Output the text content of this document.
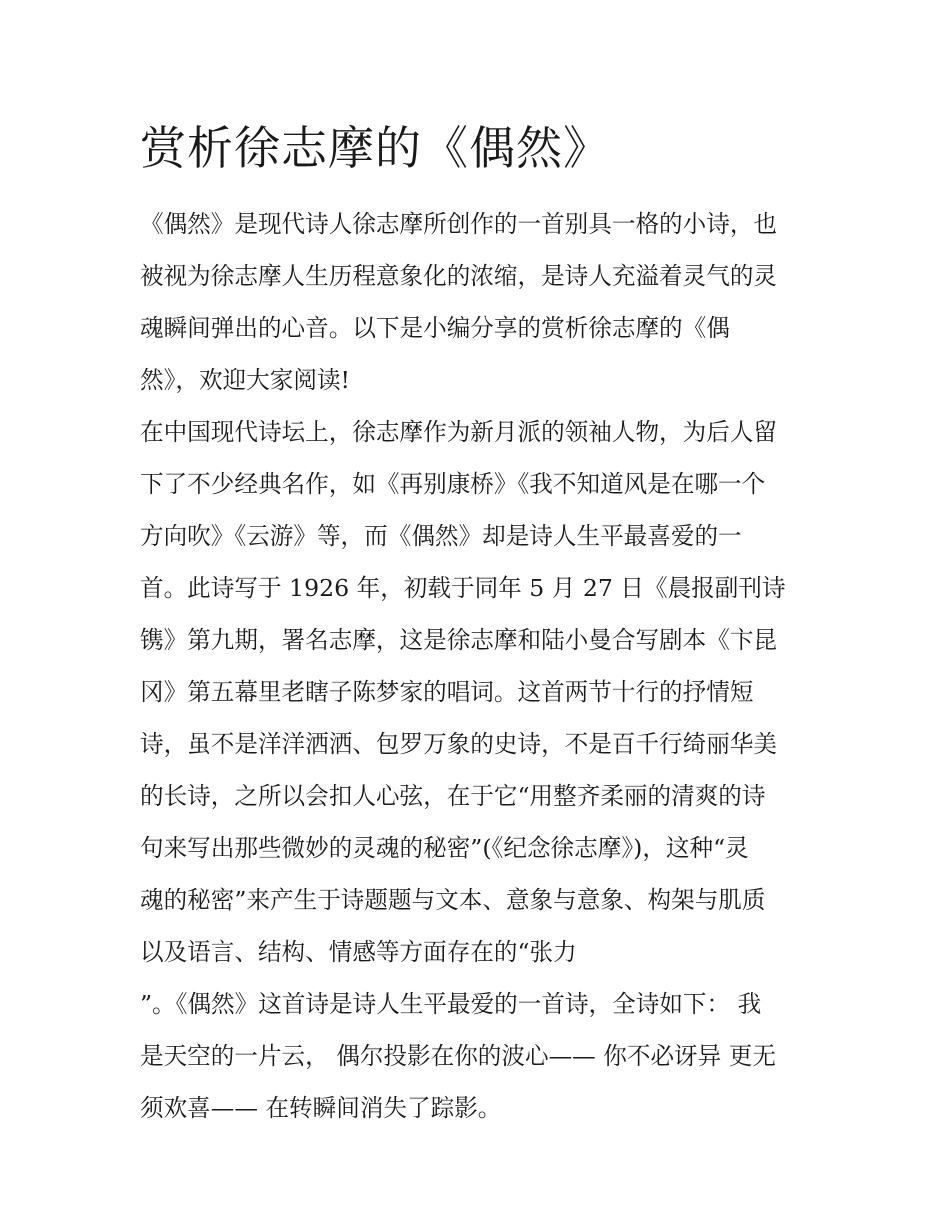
赏析徐志摩的《偶然》
《偶然》是现代诗人徐志摩所创作的一首别具一格的小诗，也
被视为徐志摩人生历程意象化的浓缩，是诗人充溢着灵气的灵
魂瞬间弹出的心音。以下是小编分享的赏析徐志摩的《偶
然》，欢迎大家阅读!
在中国现代诗坛上，徐志摩作为新月派的领袖人物，为后人留
下了不少经典名作，如《再别康桥》《我不知道风是在哪一个
方向吹》《云游》等，而《偶然》却是诗人生平最喜爱的一
首。此诗写于 1926 年，初载于同年 5 月 27 日《晨报副刊诗
镌》第九期，署名志摩，这是徐志摩和陆小曼合写剧本《卞昆
冈》第五幕里老瞎子陈梦家的唱词。这首两节十行的抒情短
诗，虽不是洋洋洒洒、包罗万象的史诗，不是百千行绮丽华美
的长诗，之所以会扣人心弦，在于它“用整齐柔丽的清爽的诗
句来写出那些微妙的灵魂的秘密”(《纪念徐志摩》)，这种“灵
魂的秘密”来产生于诗题题与文本、意象与意象、构架与肌质
以及语言、结构、情感等方面存在的“张力
”。《偶然》这首诗是诗人生平最爱的一首诗，全诗如下： 我
是天空的一片云， 偶尔投影在你的波心—— 你不必讶异 更无
须欢喜—— 在转瞬间消失了踪影。
